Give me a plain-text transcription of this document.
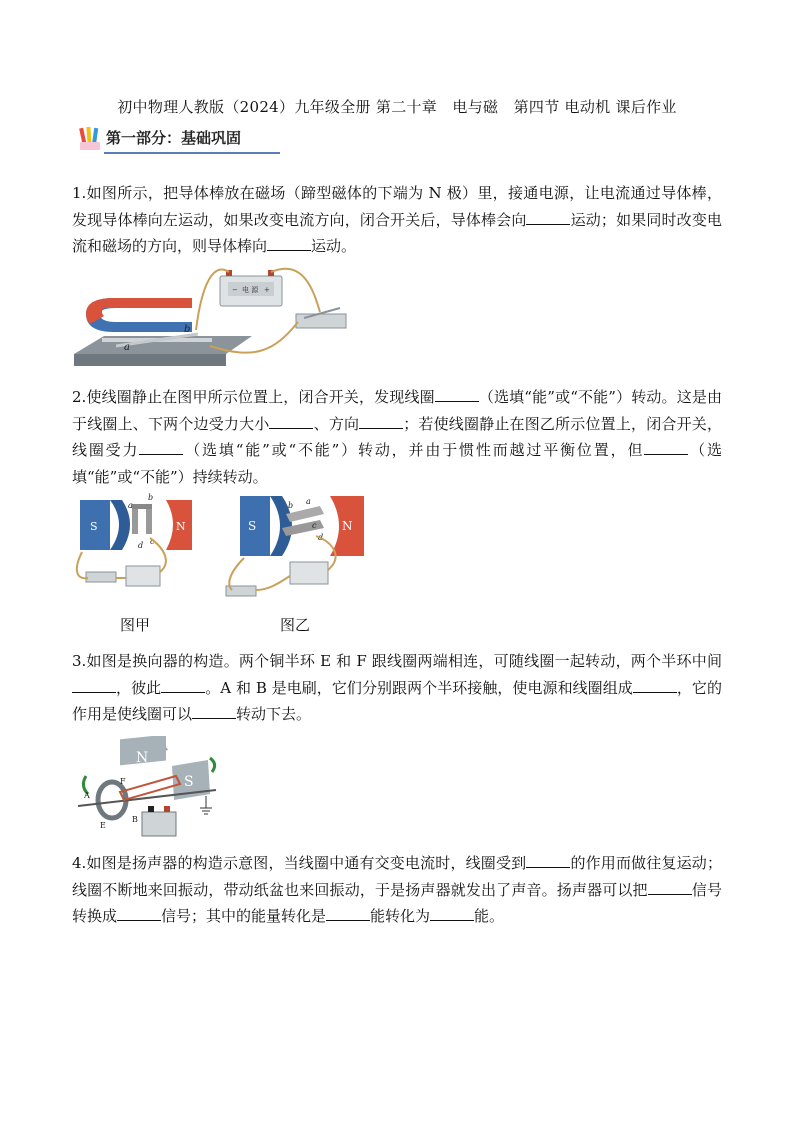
初中物理人教版（2024）九年级全册 第二十章　电与磁　第四节 电动机 课后作业
第一部分：基础巩固
1.如图所示，把导体棒放在磁场（蹄型磁体的下端为 N 极）里，接通电源，让电流通过导体棒，发现导体棒向左运动，如果改变电流方向，闭合开关后，导体棒会向	运动；如果同时改变电流和磁场的方向，则导体棒向	运动。
a
b
− 电 源 +
2.使线圈静止在图甲所示位置上，闭合开关，发现线圈	（选填“能”或“不能”）转动。这是由于线圈上、下两个边受力大小	、方向	；若使线圈静止在图乙所示位置上，闭合开关，线圈受力	（选填“能”或“不能”）转动，并由于惯性而越过平衡位置，但	（选填“能”或“不能”）持续转动。
S	N
a
b
c
d
图甲
S	N
b a
c
d
图乙
3.如图是换向器的构造。两个铜半环 E 和 F 跟线圈两端相连，可随线圈一起转动，两个半环中间，彼此	。A 和 B 是电刷，它们分别跟两个半环接触，使电源和线圈组成	，它的作用是使线圈可以	转动下去。
N
S
A
B
E
F
4.如图是扬声器的构造示意图，当线圈中通有交变电流时，线圈受到	的作用而做往复运动；线圈不断地来回振动，带动纸盆也来回振动，于是扬声器就发出了声音。扬声器可以把	信号转换成	信号；其中的能量转化是	能转化为	能。
